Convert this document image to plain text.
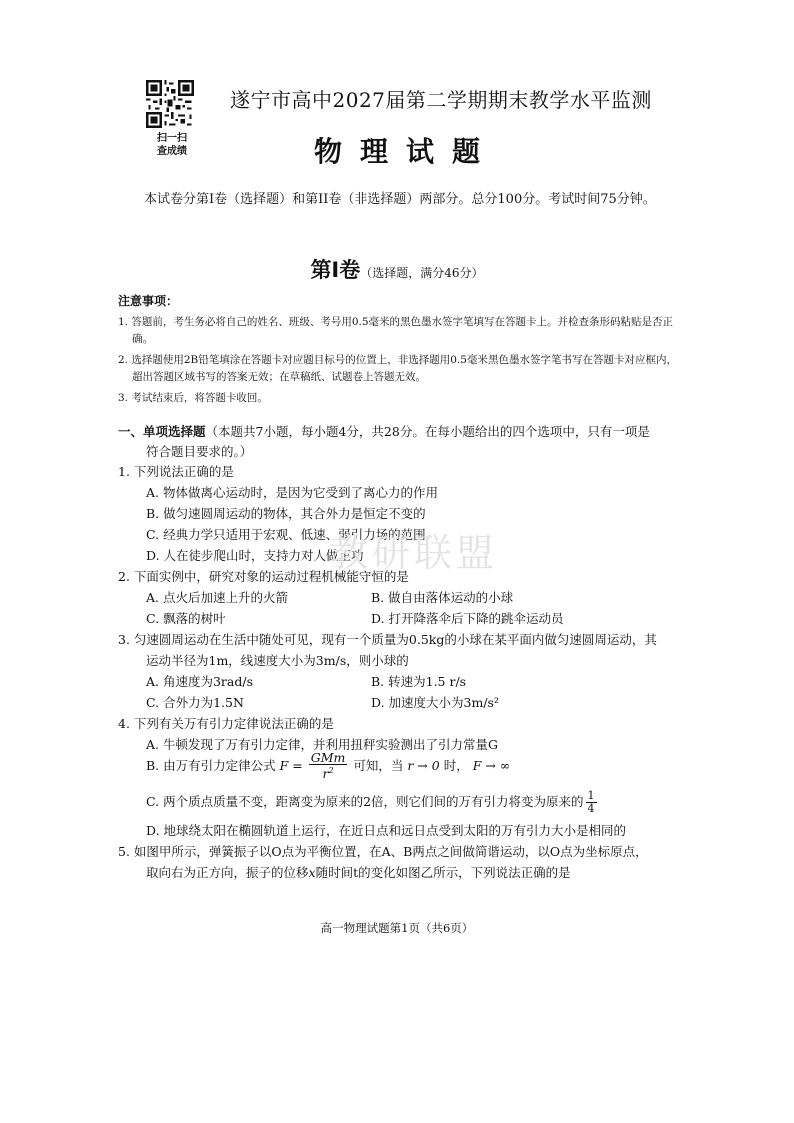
扫一扫
查成绩
遂宁市高中2027届第二学期期末教学水平监测
物理试题
本试卷分第Ⅰ卷（选择题）和第II卷（非选择题）两部分。总分100分。考试时间75分钟。
第Ⅰ卷（选择题，满分46分）
注意事项：
1. 答题前，考生务必将自己的姓名、班级、考号用0.5毫米的黑色墨水签字笔填写在答题卡上。并检查条形码粘贴是否正确。
2. 选择题使用2B铅笔填涂在答题卡对应题目标号的位置上，非选择题用0.5毫米黑色墨水签字笔书写在答题卡对应框内，超出答题区域书写的答案无效；在草稿纸、试题卷上答题无效。
3. 考试结束后，将答题卡收回。
一、单项选择题（本题共7小题，每小题4分，共28分。在每小题给出的四个选项中，只有一项是
符合题目要求的。）
1. 下列说法正确的是
A. 物体做离心运动时，是因为它受到了离心力的作用
B. 做匀速圆周运动的物体，其合外力是恒定不变的
C. 经典力学只适用于宏观、低速、弱引力场的范围
D. 人在徒步爬山时，支持力对人做正功
2. 下面实例中，研究对象的运动过程机械能守恒的是
A. 点火后加速上升的火箭	B. 做自由落体运动的小球
C. 飘落的树叶	D. 打开降落伞后下降的跳伞运动员
3. 匀速圆周运动在生活中随处可见，现有一个质量为0.5kg的小球在某平面内做匀速圆周运动，其
运动半径为1m，线速度大小为3m/s，则小球的
A. 角速度为3rad/s	B. 转速为1.5 r/s
C. 合外力为1.5N	D. 加速度大小为3m/s²
4. 下列有关万有引力定律说法正确的是
A. 牛顿发现了万有引力定律，并利用扭秤实验测出了引力常量G
B. 由万有引力定律公式 $F = \frac{\text{GMm}}{r^2}$ 可知，当 r → 0 时， F → ∞
C. 两个质点质量不变，距离变为原来的2倍，则它们间的万有引力将变为原来的 $\frac{1}{4}$
D. 地球绕太阳在椭圆轨道上运行，在近日点和远日点受到太阳的万有引力大小是相同的
5. 如图甲所示，弹簧振子以O点为平衡位置，在A、B两点之间做简谐运动，以O点为坐标原点，
取向右为正方向，振子的位移x随时间t的变化如图乙所示，下列说法正确的是
教研联盟
高一物理试题第1页（共6页）
